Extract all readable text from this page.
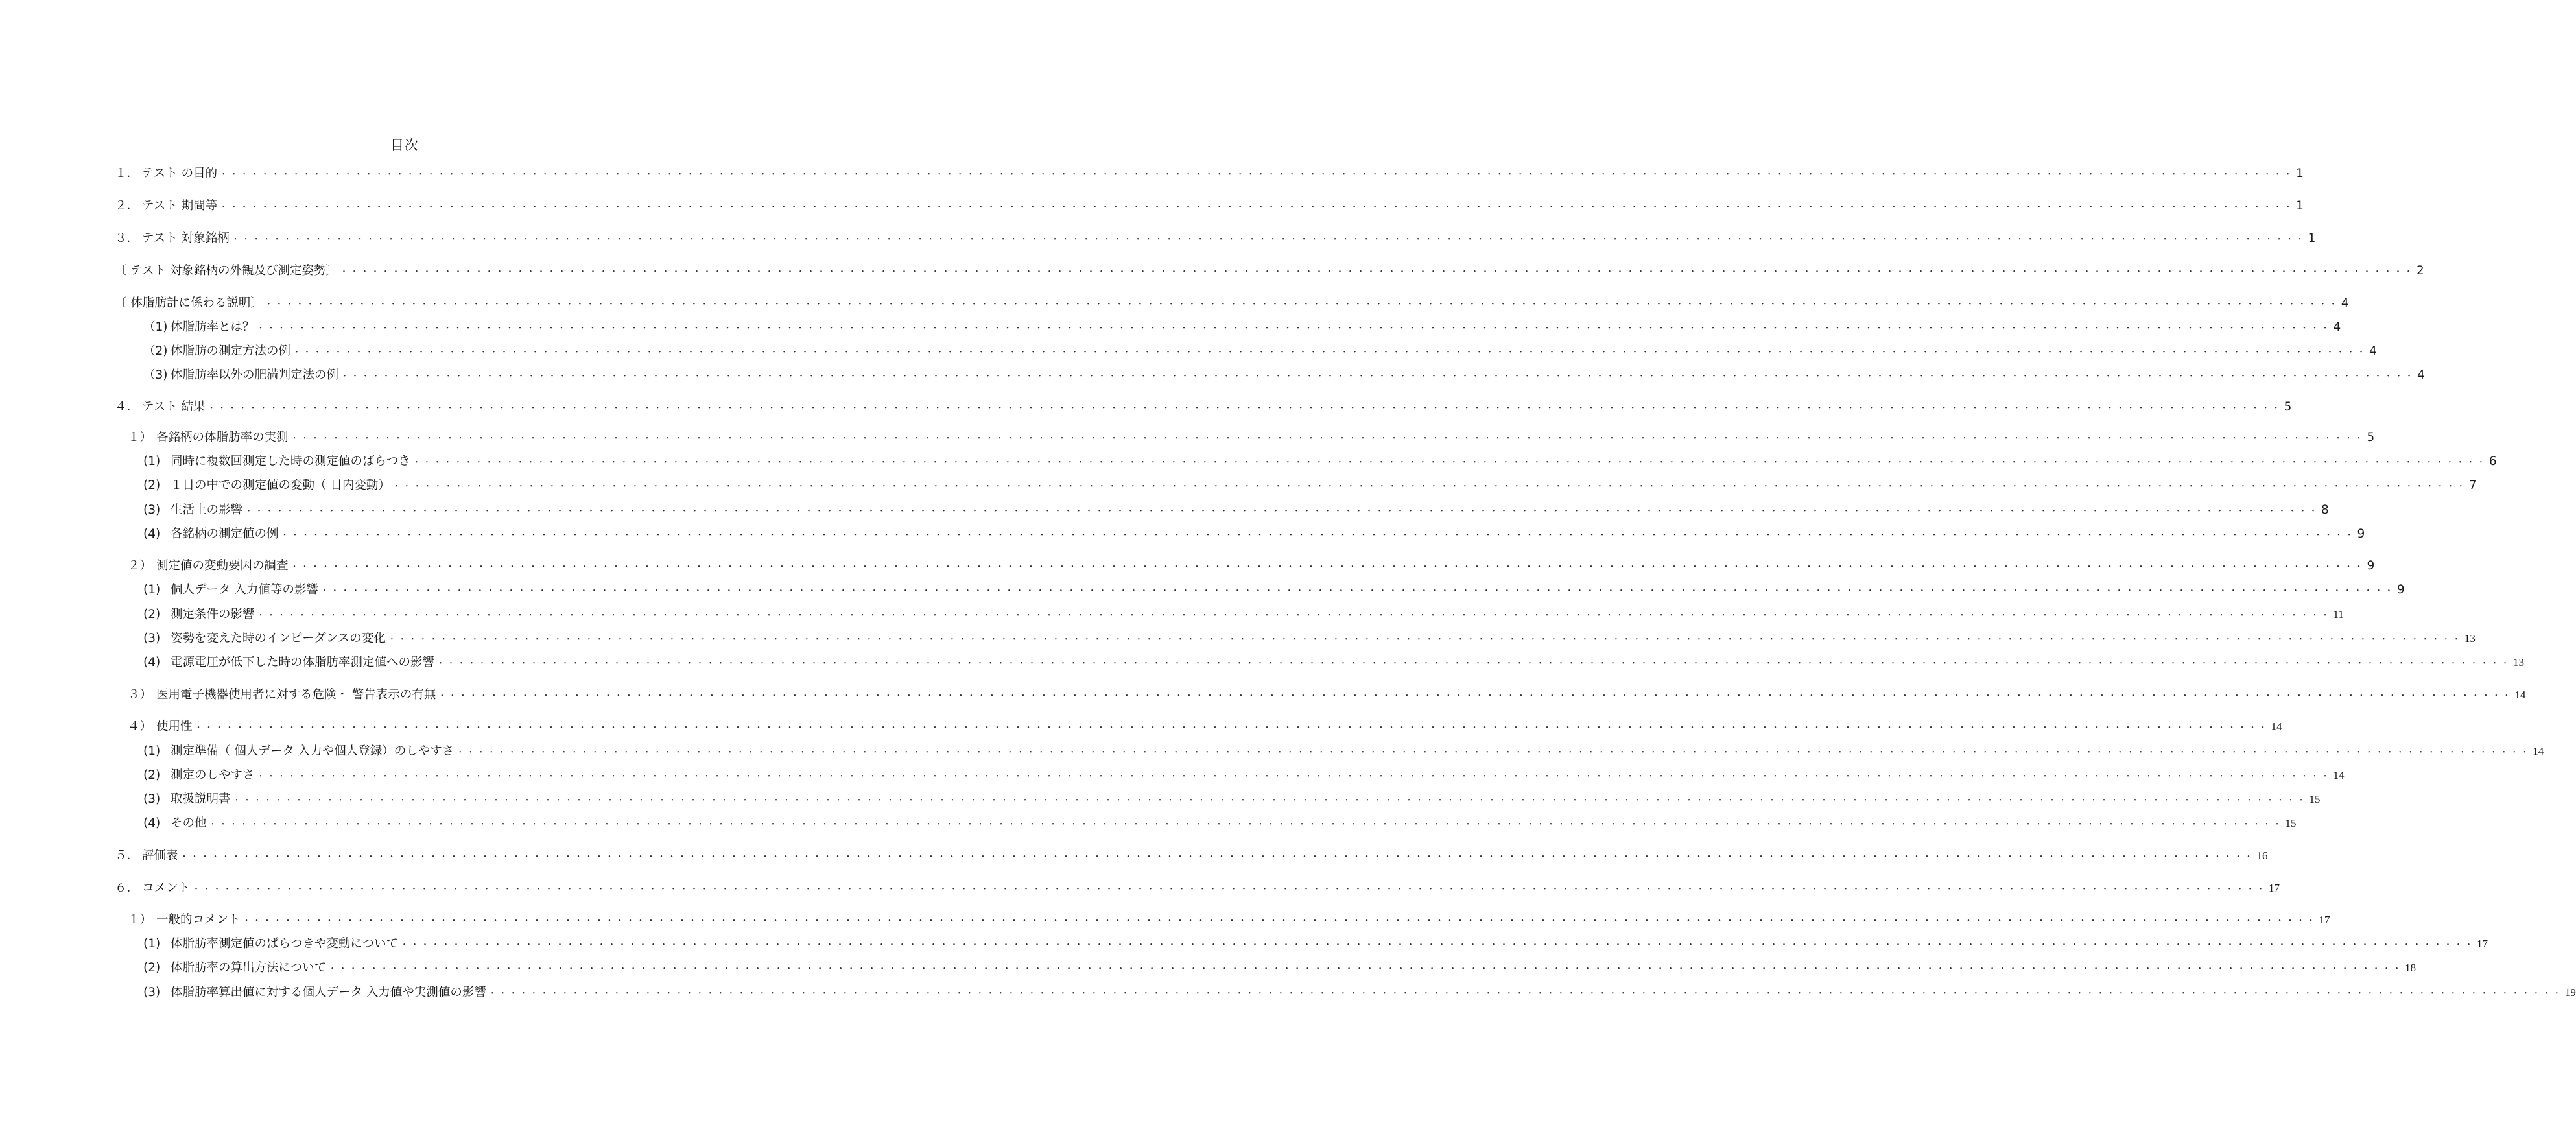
－ 目次－
１． テスト の目的 ・・・・・・・・・・・・・・・・・・・・・・・・・・・・・・・・・・・・・・・・・・・・・・・・・・・・・・・・・・・・・・・・・・・・・・・・・・・・・・・・・・・・・・・・・・・・・・・・・・・・・・・・・・・・・・・・・・・・・・・・・・・・・・・・・・・・・・・・・・・・・・・・・・・・・・・・・・・・・・・・・・・・・・・・・・・・・・・・・・・・・・・・・・・・・・・・・・・・・・・・ 1
２． テスト 期間等 ・・・・・・・・・・・・・・・・・・・・・・・・・・・・・・・・・・・・・・・・・・・・・・・・・・・・・・・・・・・・・・・・・・・・・・・・・・・・・・・・・・・・・・・・・・・・・・・・・・・・・・・・・・・・・・・・・・・・・・・・・・・・・・・・・・・・・・・・・・・・・・・・・・・・・・・・・・・・・・・・・・・・・・・・・・・・・・・・・・・・・・・・・・・・・・・・・・・・・・・・ 1
３． テスト 対象銘柄 ・・・・・・・・・・・・・・・・・・・・・・・・・・・・・・・・・・・・・・・・・・・・・・・・・・・・・・・・・・・・・・・・・・・・・・・・・・・・・・・・・・・・・・・・・・・・・・・・・・・・・・・・・・・・・・・・・・・・・・・・・・・・・・・・・・・・・・・・・・・・・・・・・・・・・・・・・・・・・・・・・・・・・・・・・・・・・・・・・・・・・・・・・・・・・・・・・・・・・・・・ 1
〔 テスト 対象銘柄の外観及び測定姿勢〕 ・・・・・・・・・・・・・・・・・・・・・・・・・・・・・・・・・・・・・・・・・・・・・・・・・・・・・・・・・・・・・・・・・・・・・・・・・・・・・・・・・・・・・・・・・・・・・・・・・・・・・・・・・・・・・・・・・・・・・・・・・・・・・・・・・・・・・・・・・・・・・・・・・・・・・・・・・・・・・・・・・・・・・・・・・・・・・・・・・・・・・・・・・・・・・・・・・・・・・・・・ 2
〔 体脂肪計に係わる説明〕 ・・・・・・・・・・・・・・・・・・・・・・・・・・・・・・・・・・・・・・・・・・・・・・・・・・・・・・・・・・・・・・・・・・・・・・・・・・・・・・・・・・・・・・・・・・・・・・・・・・・・・・・・・・・・・・・・・・・・・・・・・・・・・・・・・・・・・・・・・・・・・・・・・・・・・・・・・・・・・・・・・・・・・・・・・・・・・・・・・・・・・・・・・・・・・・・・・・・・・・・・ 4
（1) 体脂肪率とは？ ・・・・・・・・・・・・・・・・・・・・・・・・・・・・・・・・・・・・・・・・・・・・・・・・・・・・・・・・・・・・・・・・・・・・・・・・・・・・・・・・・・・・・・・・・・・・・・・・・・・・・・・・・・・・・・・・・・・・・・・・・・・・・・・・・・・・・・・・・・・・・・・・・・・・・・・・・・・・・・・・・・・・・・・・・・・・・・・・・・・・・・・・・・・・・・・・・・・・・・・・ 4
（2) 体脂肪の測定方法の例 ・・・・・・・・・・・・・・・・・・・・・・・・・・・・・・・・・・・・・・・・・・・・・・・・・・・・・・・・・・・・・・・・・・・・・・・・・・・・・・・・・・・・・・・・・・・・・・・・・・・・・・・・・・・・・・・・・・・・・・・・・・・・・・・・・・・・・・・・・・・・・・・・・・・・・・・・・・・・・・・・・・・・・・・・・・・・・・・・・・・・・・・・・・・・・・・・・・・・・・・・ 4
（3) 体脂肪率以外の肥満判定法の例 ・・・・・・・・・・・・・・・・・・・・・・・・・・・・・・・・・・・・・・・・・・・・・・・・・・・・・・・・・・・・・・・・・・・・・・・・・・・・・・・・・・・・・・・・・・・・・・・・・・・・・・・・・・・・・・・・・・・・・・・・・・・・・・・・・・・・・・・・・・・・・・・・・・・・・・・・・・・・・・・・・・・・・・・・・・・・・・・・・・・・・・・・・・・・・・・・・・・・・・・・ 4
４． テスト 結果 ・・・・・・・・・・・・・・・・・・・・・・・・・・・・・・・・・・・・・・・・・・・・・・・・・・・・・・・・・・・・・・・・・・・・・・・・・・・・・・・・・・・・・・・・・・・・・・・・・・・・・・・・・・・・・・・・・・・・・・・・・・・・・・・・・・・・・・・・・・・・・・・・・・・・・・・・・・・・・・・・・・・・・・・・・・・・・・・・・・・・・・・・・・・・・・・・・・・・・・・・ 5
１） 各銘柄の体脂肪率の実測 ・・・・・・・・・・・・・・・・・・・・・・・・・・・・・・・・・・・・・・・・・・・・・・・・・・・・・・・・・・・・・・・・・・・・・・・・・・・・・・・・・・・・・・・・・・・・・・・・・・・・・・・・・・・・・・・・・・・・・・・・・・・・・・・・・・・・・・・・・・・・・・・・・・・・・・・・・・・・・・・・・・・・・・・・・・・・・・・・・・・・・・・・・・・・・・・・・・・・・・・・ 5
(1) 同時に複数回測定した時の測定値のばらつき ・・・・・・・・・・・・・・・・・・・・・・・・・・・・・・・・・・・・・・・・・・・・・・・・・・・・・・・・・・・・・・・・・・・・・・・・・・・・・・・・・・・・・・・・・・・・・・・・・・・・・・・・・・・・・・・・・・・・・・・・・・・・・・・・・・・・・・・・・・・・・・・・・・・・・・・・・・・・・・・・・・・・・・・・・・・・・・・・・・・・・・・・・・・・・・・・・・・・・・・・ 6
(2) １日の中での測定値の変動（ 日内変動） ・・・・・・・・・・・・・・・・・・・・・・・・・・・・・・・・・・・・・・・・・・・・・・・・・・・・・・・・・・・・・・・・・・・・・・・・・・・・・・・・・・・・・・・・・・・・・・・・・・・・・・・・・・・・・・・・・・・・・・・・・・・・・・・・・・・・・・・・・・・・・・・・・・・・・・・・・・・・・・・・・・・・・・・・・・・・・・・・・・・・・・・・・・・・・・・・・・・・・・・・ 7
(3) 生活上の影響 ・・・・・・・・・・・・・・・・・・・・・・・・・・・・・・・・・・・・・・・・・・・・・・・・・・・・・・・・・・・・・・・・・・・・・・・・・・・・・・・・・・・・・・・・・・・・・・・・・・・・・・・・・・・・・・・・・・・・・・・・・・・・・・・・・・・・・・・・・・・・・・・・・・・・・・・・・・・・・・・・・・・・・・・・・・・・・・・・・・・・・・・・・・・・・・・・・・・・・・・・ 8
(4) 各銘柄の測定値の例 ・・・・・・・・・・・・・・・・・・・・・・・・・・・・・・・・・・・・・・・・・・・・・・・・・・・・・・・・・・・・・・・・・・・・・・・・・・・・・・・・・・・・・・・・・・・・・・・・・・・・・・・・・・・・・・・・・・・・・・・・・・・・・・・・・・・・・・・・・・・・・・・・・・・・・・・・・・・・・・・・・・・・・・・・・・・・・・・・・・・・・・・・・・・・・・・・・・・・・・・・ 9
２） 測定値の変動要因の調査 ・・・・・・・・・・・・・・・・・・・・・・・・・・・・・・・・・・・・・・・・・・・・・・・・・・・・・・・・・・・・・・・・・・・・・・・・・・・・・・・・・・・・・・・・・・・・・・・・・・・・・・・・・・・・・・・・・・・・・・・・・・・・・・・・・・・・・・・・・・・・・・・・・・・・・・・・・・・・・・・・・・・・・・・・・・・・・・・・・・・・・・・・・・・・・・・・・・・・・・・・ 9
(1) 個人データ 入力値等の影響 ・・・・・・・・・・・・・・・・・・・・・・・・・・・・・・・・・・・・・・・・・・・・・・・・・・・・・・・・・・・・・・・・・・・・・・・・・・・・・・・・・・・・・・・・・・・・・・・・・・・・・・・・・・・・・・・・・・・・・・・・・・・・・・・・・・・・・・・・・・・・・・・・・・・・・・・・・・・・・・・・・・・・・・・・・・・・・・・・・・・・・・・・・・・・・・・・・・・・・・・・ 9
(2) 測定条件の影響 ・・・・・・・・・・・・・・・・・・・・・・・・・・・・・・・・・・・・・・・・・・・・・・・・・・・・・・・・・・・・・・・・・・・・・・・・・・・・・・・・・・・・・・・・・・・・・・・・・・・・・・・・・・・・・・・・・・・・・・・・・・・・・・・・・・・・・・・・・・・・・・・・・・・・・・・・・・・・・・・・・・・・・・・・・・・・・・・・・・・・・・・・・・・・・・・・・・・・・・・・ 11
(3) 姿勢を変えた時のインピーダンスの変化 ・・・・・・・・・・・・・・・・・・・・・・・・・・・・・・・・・・・・・・・・・・・・・・・・・・・・・・・・・・・・・・・・・・・・・・・・・・・・・・・・・・・・・・・・・・・・・・・・・・・・・・・・・・・・・・・・・・・・・・・・・・・・・・・・・・・・・・・・・・・・・・・・・・・・・・・・・・・・・・・・・・・・・・・・・・・・・・・・・・・・・・・・・・・・・・・・・・・・・・・・ 13
(4) 電源電圧が低下した時の体脂肪率測定値への影響 ・・・・・・・・・・・・・・・・・・・・・・・・・・・・・・・・・・・・・・・・・・・・・・・・・・・・・・・・・・・・・・・・・・・・・・・・・・・・・・・・・・・・・・・・・・・・・・・・・・・・・・・・・・・・・・・・・・・・・・・・・・・・・・・・・・・・・・・・・・・・・・・・・・・・・・・・・・・・・・・・・・・・・・・・・・・・・・・・・・・・・・・・・・・・・・・・・・・・・・・・ 13
３） 医用電子機器使用者に対する危険・ 警告表示の有無 ・・・・・・・・・・・・・・・・・・・・・・・・・・・・・・・・・・・・・・・・・・・・・・・・・・・・・・・・・・・・・・・・・・・・・・・・・・・・・・・・・・・・・・・・・・・・・・・・・・・・・・・・・・・・・・・・・・・・・・・・・・・・・・・・・・・・・・・・・・・・・・・・・・・・・・・・・・・・・・・・・・・・・・・・・・・・・・・・・・・・・・・・・・・・・・・・・・・・・・・・ 14
４） 使用性 ・・・・・・・・・・・・・・・・・・・・・・・・・・・・・・・・・・・・・・・・・・・・・・・・・・・・・・・・・・・・・・・・・・・・・・・・・・・・・・・・・・・・・・・・・・・・・・・・・・・・・・・・・・・・・・・・・・・・・・・・・・・・・・・・・・・・・・・・・・・・・・・・・・・・・・・・・・・・・・・・・・・・・・・・・・・・・・・・・・・・・・・・・・・・・・・・・・・・・・・・ 14
(1) 測定準備（ 個人データ 入力や個人登録）のしやすさ ・・・・・・・・・・・・・・・・・・・・・・・・・・・・・・・・・・・・・・・・・・・・・・・・・・・・・・・・・・・・・・・・・・・・・・・・・・・・・・・・・・・・・・・・・・・・・・・・・・・・・・・・・・・・・・・・・・・・・・・・・・・・・・・・・・・・・・・・・・・・・・・・・・・・・・・・・・・・・・・・・・・・・・・・・・・・・・・・・・・・・・・・・・・・・・・・・・・・・・・・ 14
(2) 測定のしやすさ ・・・・・・・・・・・・・・・・・・・・・・・・・・・・・・・・・・・・・・・・・・・・・・・・・・・・・・・・・・・・・・・・・・・・・・・・・・・・・・・・・・・・・・・・・・・・・・・・・・・・・・・・・・・・・・・・・・・・・・・・・・・・・・・・・・・・・・・・・・・・・・・・・・・・・・・・・・・・・・・・・・・・・・・・・・・・・・・・・・・・・・・・・・・・・・・・・・・・・・・・ 14
(3) 取扱説明書 ・・・・・・・・・・・・・・・・・・・・・・・・・・・・・・・・・・・・・・・・・・・・・・・・・・・・・・・・・・・・・・・・・・・・・・・・・・・・・・・・・・・・・・・・・・・・・・・・・・・・・・・・・・・・・・・・・・・・・・・・・・・・・・・・・・・・・・・・・・・・・・・・・・・・・・・・・・・・・・・・・・・・・・・・・・・・・・・・・・・・・・・・・・・・・・・・・・・・・・・・ 15
(4) その他 ・・・・・・・・・・・・・・・・・・・・・・・・・・・・・・・・・・・・・・・・・・・・・・・・・・・・・・・・・・・・・・・・・・・・・・・・・・・・・・・・・・・・・・・・・・・・・・・・・・・・・・・・・・・・・・・・・・・・・・・・・・・・・・・・・・・・・・・・・・・・・・・・・・・・・・・・・・・・・・・・・・・・・・・・・・・・・・・・・・・・・・・・・・・・・・・・・・・・・・・・ 15
５． 評価表 ・・・・・・・・・・・・・・・・・・・・・・・・・・・・・・・・・・・・・・・・・・・・・・・・・・・・・・・・・・・・・・・・・・・・・・・・・・・・・・・・・・・・・・・・・・・・・・・・・・・・・・・・・・・・・・・・・・・・・・・・・・・・・・・・・・・・・・・・・・・・・・・・・・・・・・・・・・・・・・・・・・・・・・・・・・・・・・・・・・・・・・・・・・・・・・・・・・・・・・・・ 16
６． コメント ・・・・・・・・・・・・・・・・・・・・・・・・・・・・・・・・・・・・・・・・・・・・・・・・・・・・・・・・・・・・・・・・・・・・・・・・・・・・・・・・・・・・・・・・・・・・・・・・・・・・・・・・・・・・・・・・・・・・・・・・・・・・・・・・・・・・・・・・・・・・・・・・・・・・・・・・・・・・・・・・・・・・・・・・・・・・・・・・・・・・・・・・・・・・・・・・・・・・・・・・ 17
１） 一般的コメント ・・・・・・・・・・・・・・・・・・・・・・・・・・・・・・・・・・・・・・・・・・・・・・・・・・・・・・・・・・・・・・・・・・・・・・・・・・・・・・・・・・・・・・・・・・・・・・・・・・・・・・・・・・・・・・・・・・・・・・・・・・・・・・・・・・・・・・・・・・・・・・・・・・・・・・・・・・・・・・・・・・・・・・・・・・・・・・・・・・・・・・・・・・・・・・・・・・・・・・・・ 17
(1) 体脂肪率測定値のばらつきや変動について ・・・・・・・・・・・・・・・・・・・・・・・・・・・・・・・・・・・・・・・・・・・・・・・・・・・・・・・・・・・・・・・・・・・・・・・・・・・・・・・・・・・・・・・・・・・・・・・・・・・・・・・・・・・・・・・・・・・・・・・・・・・・・・・・・・・・・・・・・・・・・・・・・・・・・・・・・・・・・・・・・・・・・・・・・・・・・・・・・・・・・・・・・・・・・・・・・・・・・・・・ 17
(2) 体脂肪率の算出方法について ・・・・・・・・・・・・・・・・・・・・・・・・・・・・・・・・・・・・・・・・・・・・・・・・・・・・・・・・・・・・・・・・・・・・・・・・・・・・・・・・・・・・・・・・・・・・・・・・・・・・・・・・・・・・・・・・・・・・・・・・・・・・・・・・・・・・・・・・・・・・・・・・・・・・・・・・・・・・・・・・・・・・・・・・・・・・・・・・・・・・・・・・・・・・・・・・・・・・・・・・ 18
(3) 体脂肪率算出値に対する個人データ 入力値や実測値の影響 ・・・・・・・・・・・・・・・・・・・・・・・・・・・・・・・・・・・・・・・・・・・・・・・・・・・・・・・・・・・・・・・・・・・・・・・・・・・・・・・・・・・・・・・・・・・・・・・・・・・・・・・・・・・・・・・・・・・・・・・・・・・・・・・・・・・・・・・・・・・・・・・・・・・・・・・・・・・・・・・・・・・・・・・・・・・・・・・・・・・・・・・・・・・・・・・・・・・・・・・・ 19
